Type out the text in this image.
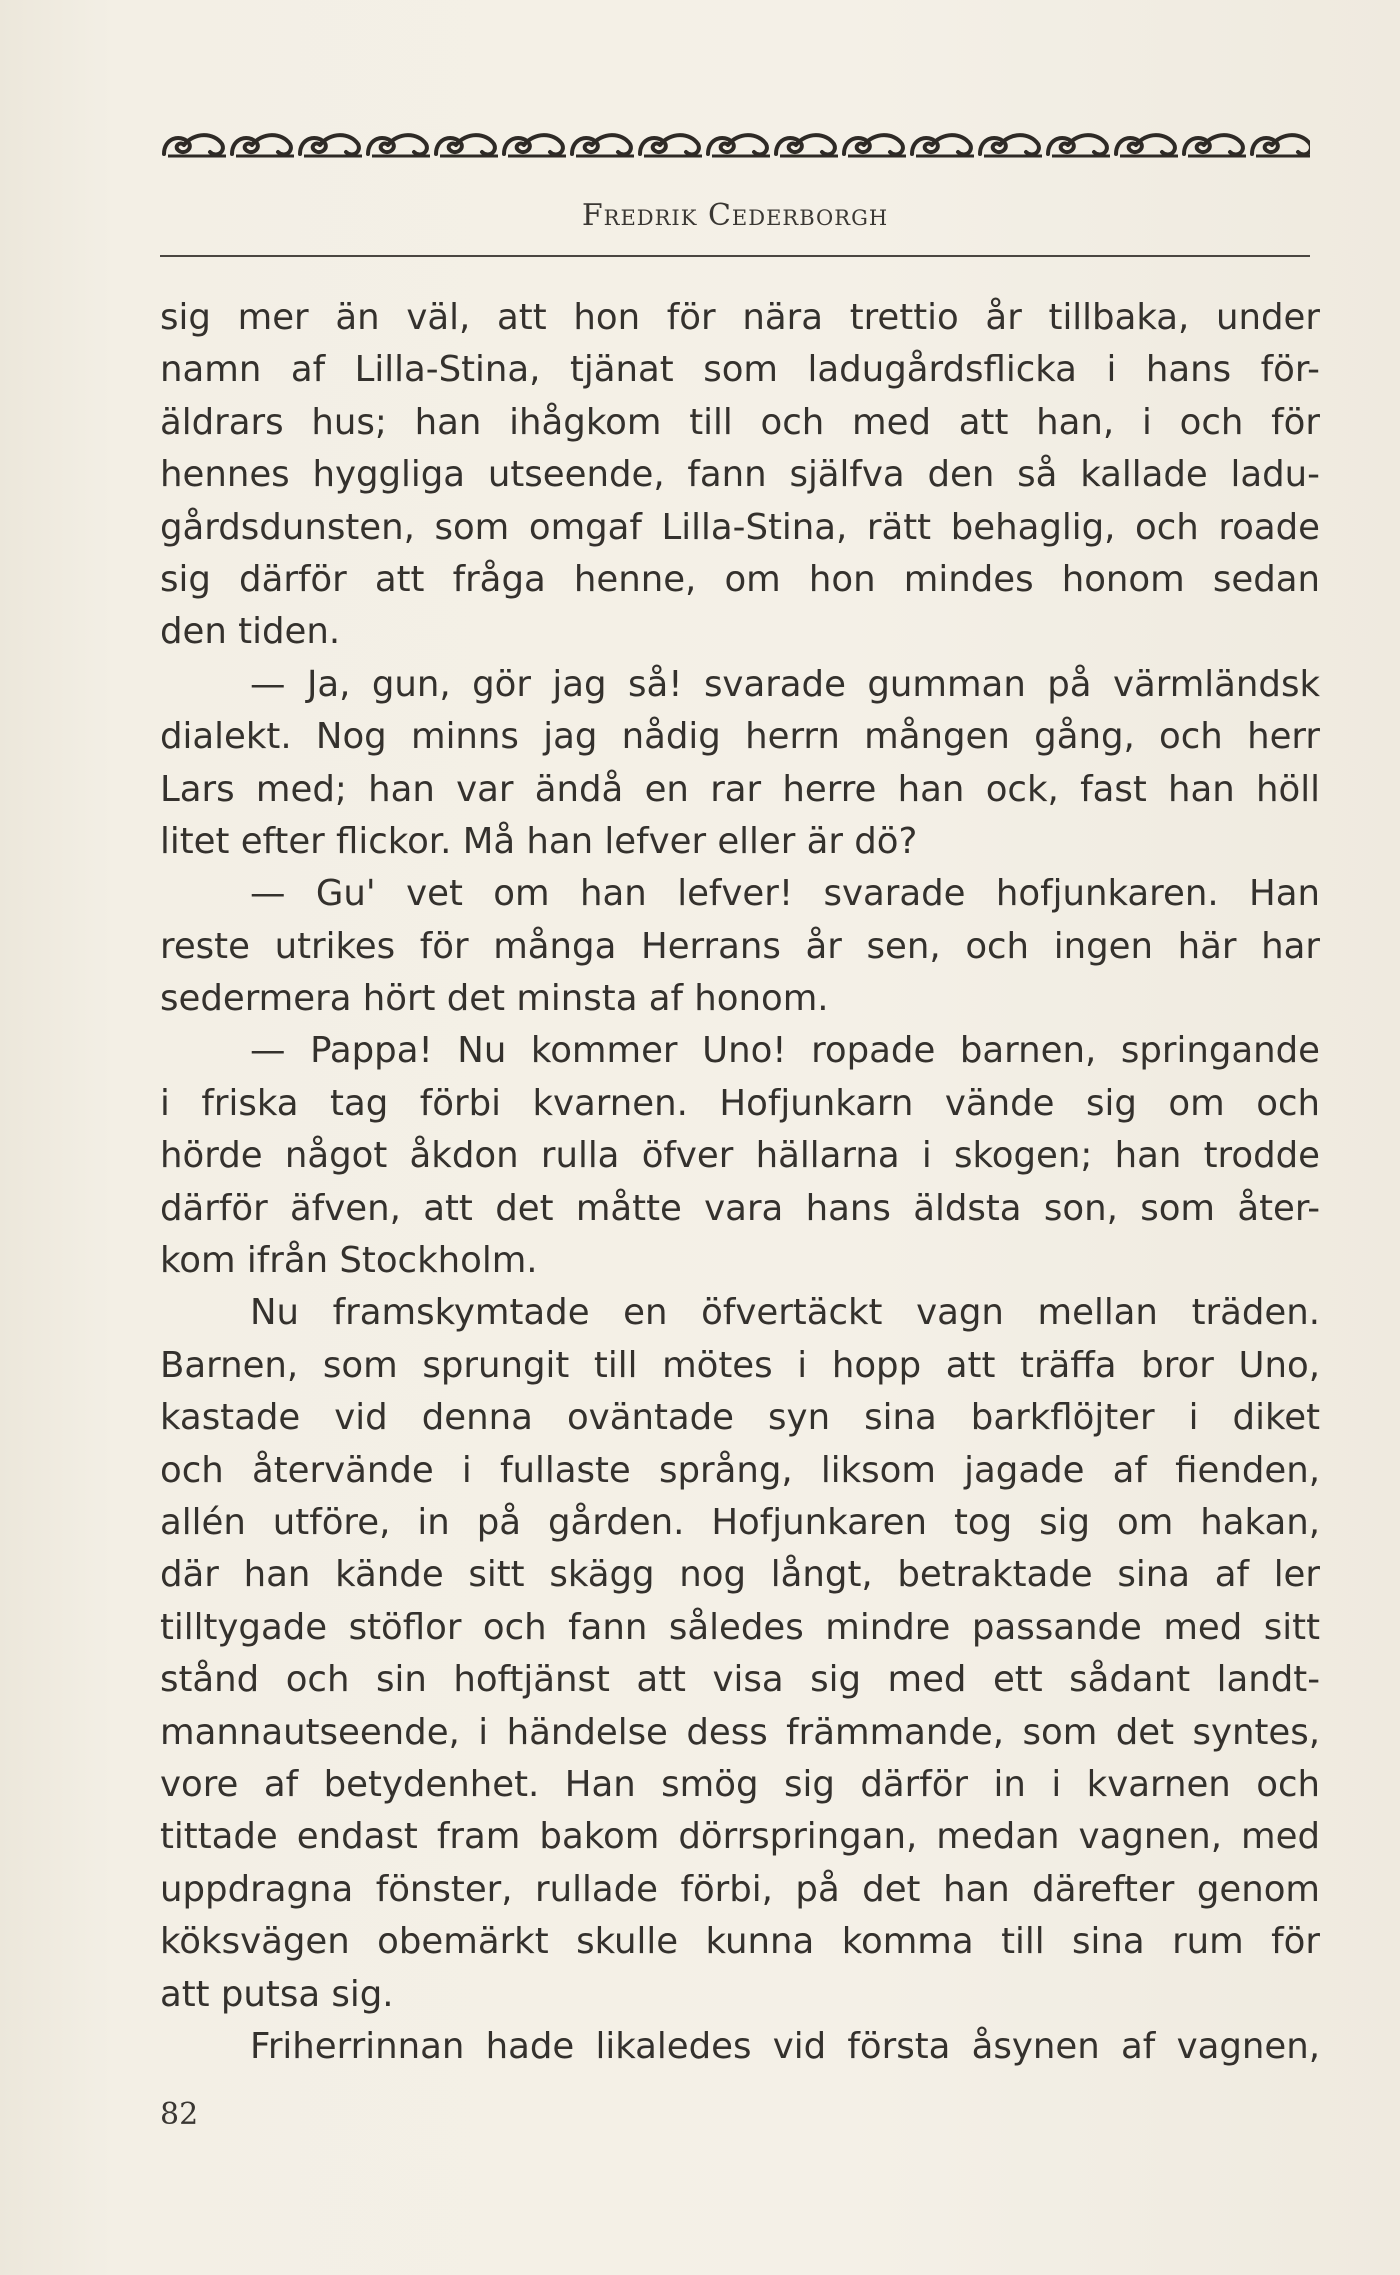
Fredrik Cederborgh
sig mer än väl, att hon för nära trettio år tillbaka, under
namn af Lilla-Stina, tjänat som ladugårdsflicka i hans för-
äldrars hus; han ihågkom till och med att han, i och för
hennes hyggliga utseende, fann själfva den så kallade ladu-
gårdsdunsten, som omgaf Lilla-Stina, rätt behaglig, och roade
sig därför att fråga henne, om hon mindes honom sedan
den tiden.
— Ja, gun, gör jag så! svarade gumman på värmländsk
dialekt. Nog minns jag nådig herrn mången gång, och herr
Lars med; han var ändå en rar herre han ock, fast han höll
litet efter flickor. Må han lefver eller är dö?
— Gu' vet om han lefver! svarade hofjunkaren. Han
reste utrikes för många Herrans år sen, och ingen här har
sedermera hört det minsta af honom.
— Pappa! Nu kommer Uno! ropade barnen, springande
i friska tag förbi kvarnen. Hofjunkarn vände sig om och
hörde något åkdon rulla öfver hällarna i skogen; han trodde
därför äfven, att det måtte vara hans äldsta son, som åter-
kom ifrån Stockholm.
Nu framskymtade en öfvertäckt vagn mellan träden.
Barnen, som sprungit till mötes i hopp att träffa bror Uno,
kastade vid denna oväntade syn sina barkflöjter i diket
och återvände i fullaste språng, liksom jagade af fienden,
allén utföre, in på gården. Hofjunkaren tog sig om hakan,
där han kände sitt skägg nog långt, betraktade sina af ler
tilltygade stöflor och fann således mindre passande med sitt
stånd och sin hoftjänst att visa sig med ett sådant landt-
mannautseende, i händelse dess främmande, som det syntes,
vore af betydenhet. Han smög sig därför in i kvarnen och
tittade endast fram bakom dörrspringan, medan vagnen, med
uppdragna fönster, rullade förbi, på det han därefter genom
köksvägen obemärkt skulle kunna komma till sina rum för
att putsa sig.
Friherrinnan hade likaledes vid första åsynen af vagnen,
82
